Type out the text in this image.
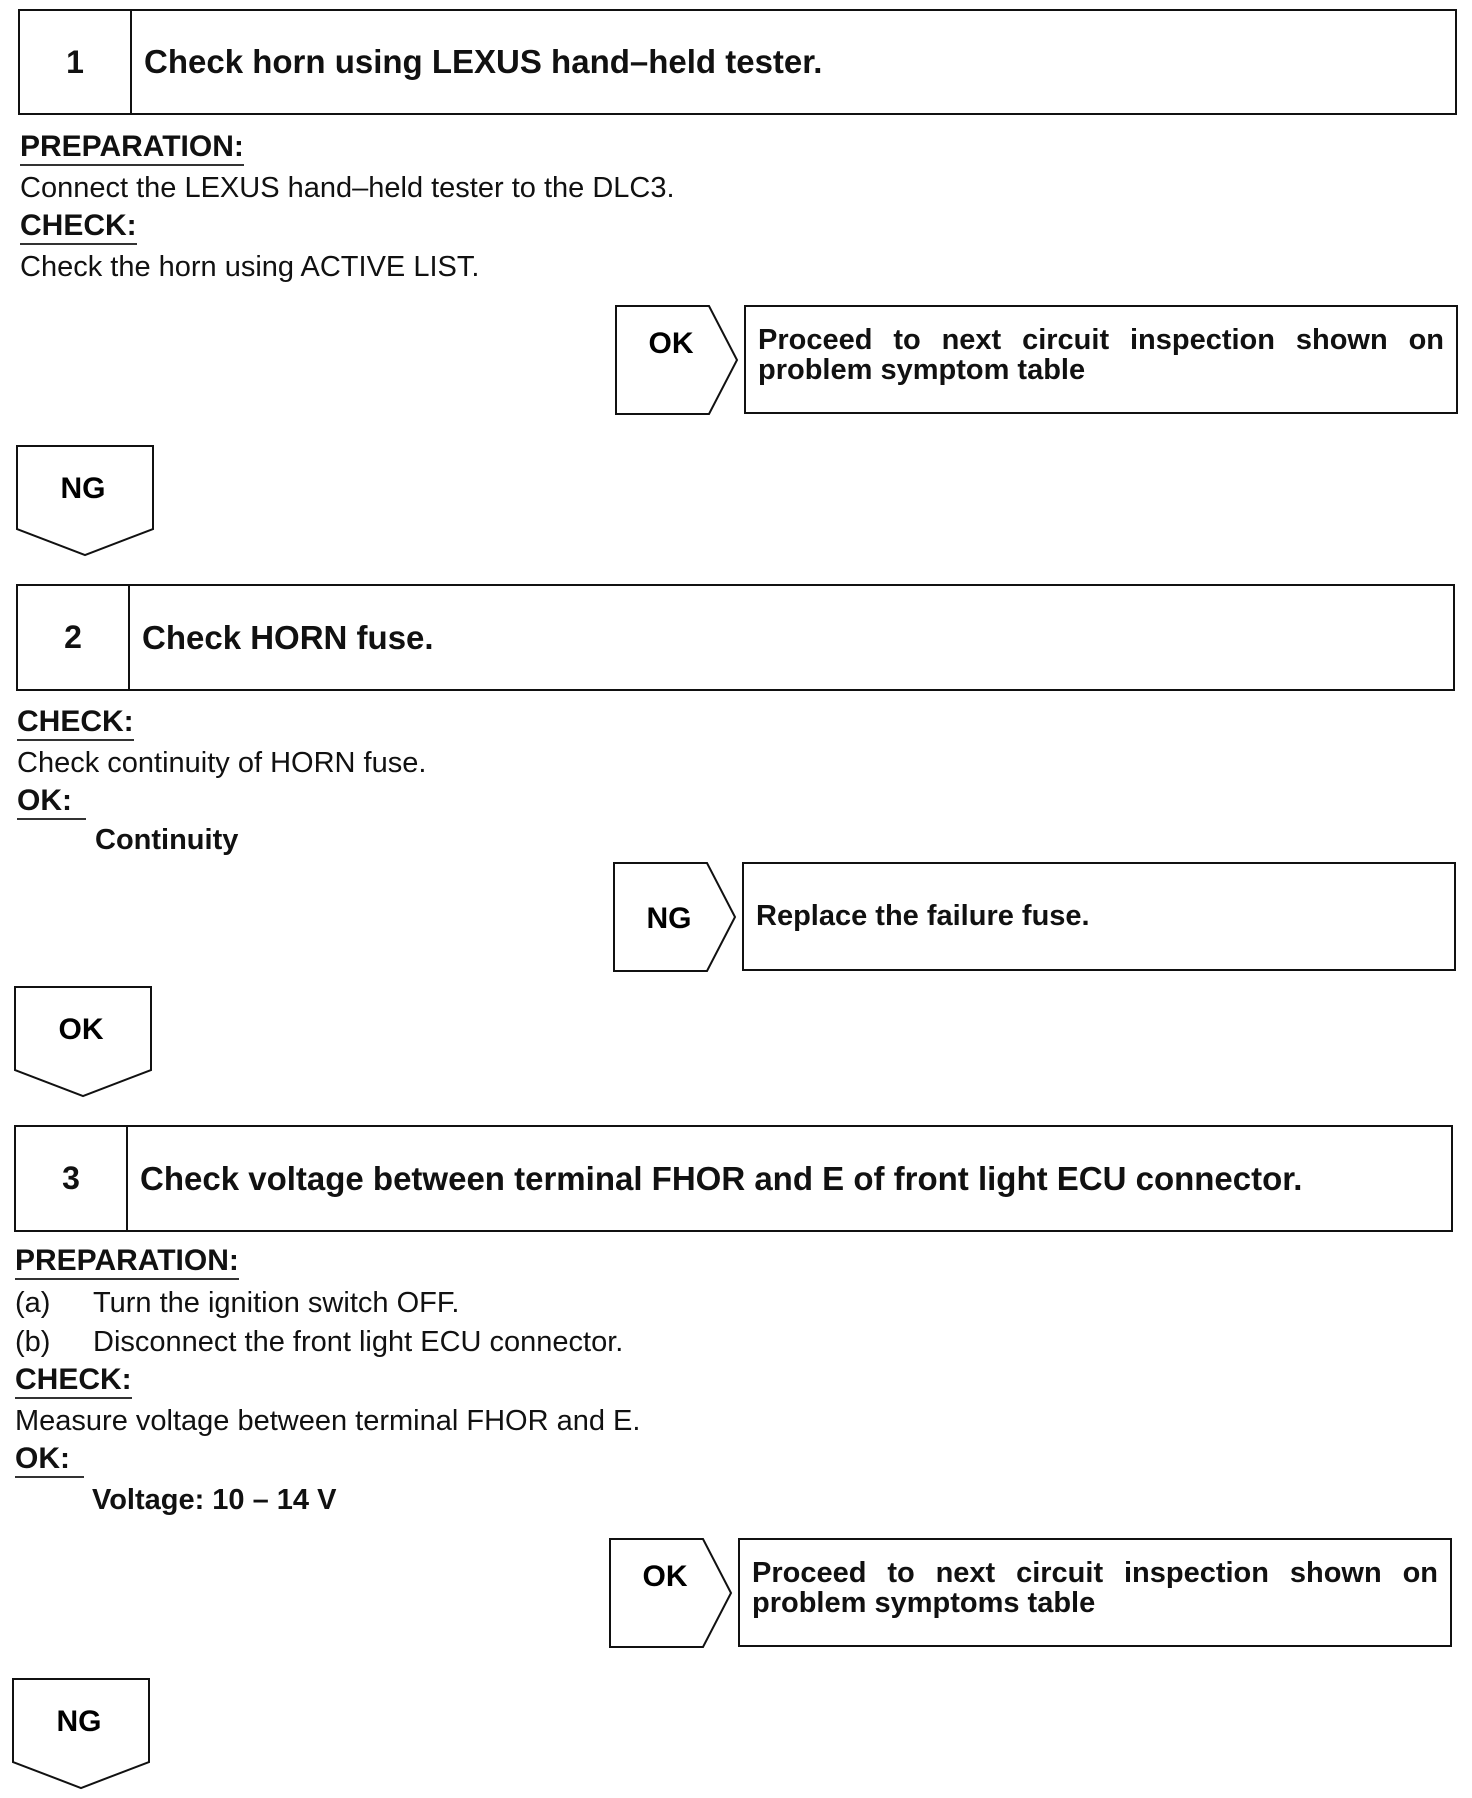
1	Check horn using LEXUS hand–held tester.
PREPARATION:
Connect the LEXUS hand–held tester to the DLC3.
CHECK:
Check the horn using ACTIVE LIST.
OK	Proceed to next circuit inspection shown on problem symptom table
NG
2	Check HORN fuse.
CHECK:
Check continuity of HORN fuse.
OK:
Continuity
NG	Replace the failure fuse.
OK
3	Check voltage between terminal FHOR and E of front light ECU connector.
PREPARATION:
(a) Turn the ignition switch OFF.
(b) Disconnect the front light ECU connector.
CHECK:
Measure voltage between terminal FHOR and E.
OK:
Voltage: 10 – 14 V
OK	Proceed to next circuit inspection shown on problem symptoms table
NG
